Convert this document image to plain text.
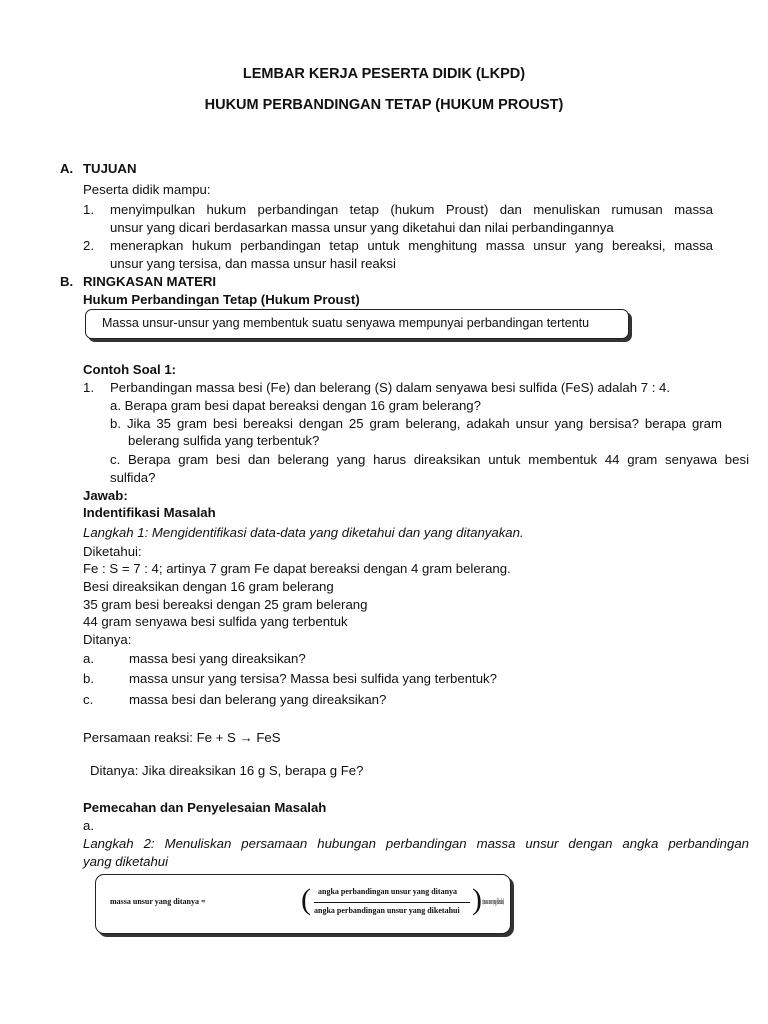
LEMBAR KERJA PESERTA DIDIK (LKPD)
HUKUM PERBANDINGAN TETAP (HUKUM PROUST)
A. TUJUAN
Peserta didik mampu:
1. menyimpulkan hukum perbandingan tetap (hukum Proust) dan menuliskan rumusan massa
unsur yang dicari berdasarkan massa unsur yang diketahui dan nilai perbandingannya
2. menerapkan hukum perbandingan tetap untuk menghitung massa unsur yang bereaksi, massa
unsur yang tersisa, dan massa unsur hasil reaksi
B. RINGKASAN MATERI
Hukum Perbandingan Tetap (Hukum Proust)
Massa unsur-unsur yang membentuk suatu senyawa mempunyai perbandingan tertentu
Contoh Soal 1:
1. Perbandingan massa besi (Fe) dan belerang (S) dalam senyawa besi sulfida (FeS) adalah 7 : 4.
a. Berapa gram besi dapat bereaksi dengan 16 gram belerang?
b. Jika 35 gram besi bereaksi dengan 25 gram belerang, adakah unsur yang bersisa? berapa gram
belerang sulfida yang terbentuk?
c. Berapa gram besi dan belerang yang harus direaksikan untuk membentuk 44 gram senyawa besi
sulfida?
Jawab:
Indentifikasi Masalah
Langkah 1: Mengidentifikasi data-data yang diketahui dan yang ditanyakan.
Diketahui:
Fe : S = 7 : 4; artinya 7 gram Fe dapat bereaksi dengan 4 gram belerang.
Besi direaksikan dengan 16 gram belerang
35 gram besi bereaksi dengan 25 gram belerang
44 gram senyawa besi sulfida yang terbentuk
Ditanya:
a.	massa besi yang direaksikan?
b.	massa unsur yang tersisa? Massa besi sulfida yang terbentuk?
c.	massa besi dan belerang yang direaksikan?
Persamaan reaksi: Fe + S → FeS
Ditanya: Jika direaksikan 16 g S, berapa g Fe?
Pemecahan dan Penyelesaian Masalah
a.
Langkah 2: Menuliskan persamaan hubungan perbandingan massa unsur dengan angka perbandingan
yang diketahui
massa unsur yang ditanya =	( angka perbandingan unsur yang ditanya
angka perbandingan unsur yang diketahui ) x (massa unsur yang diketahui)
